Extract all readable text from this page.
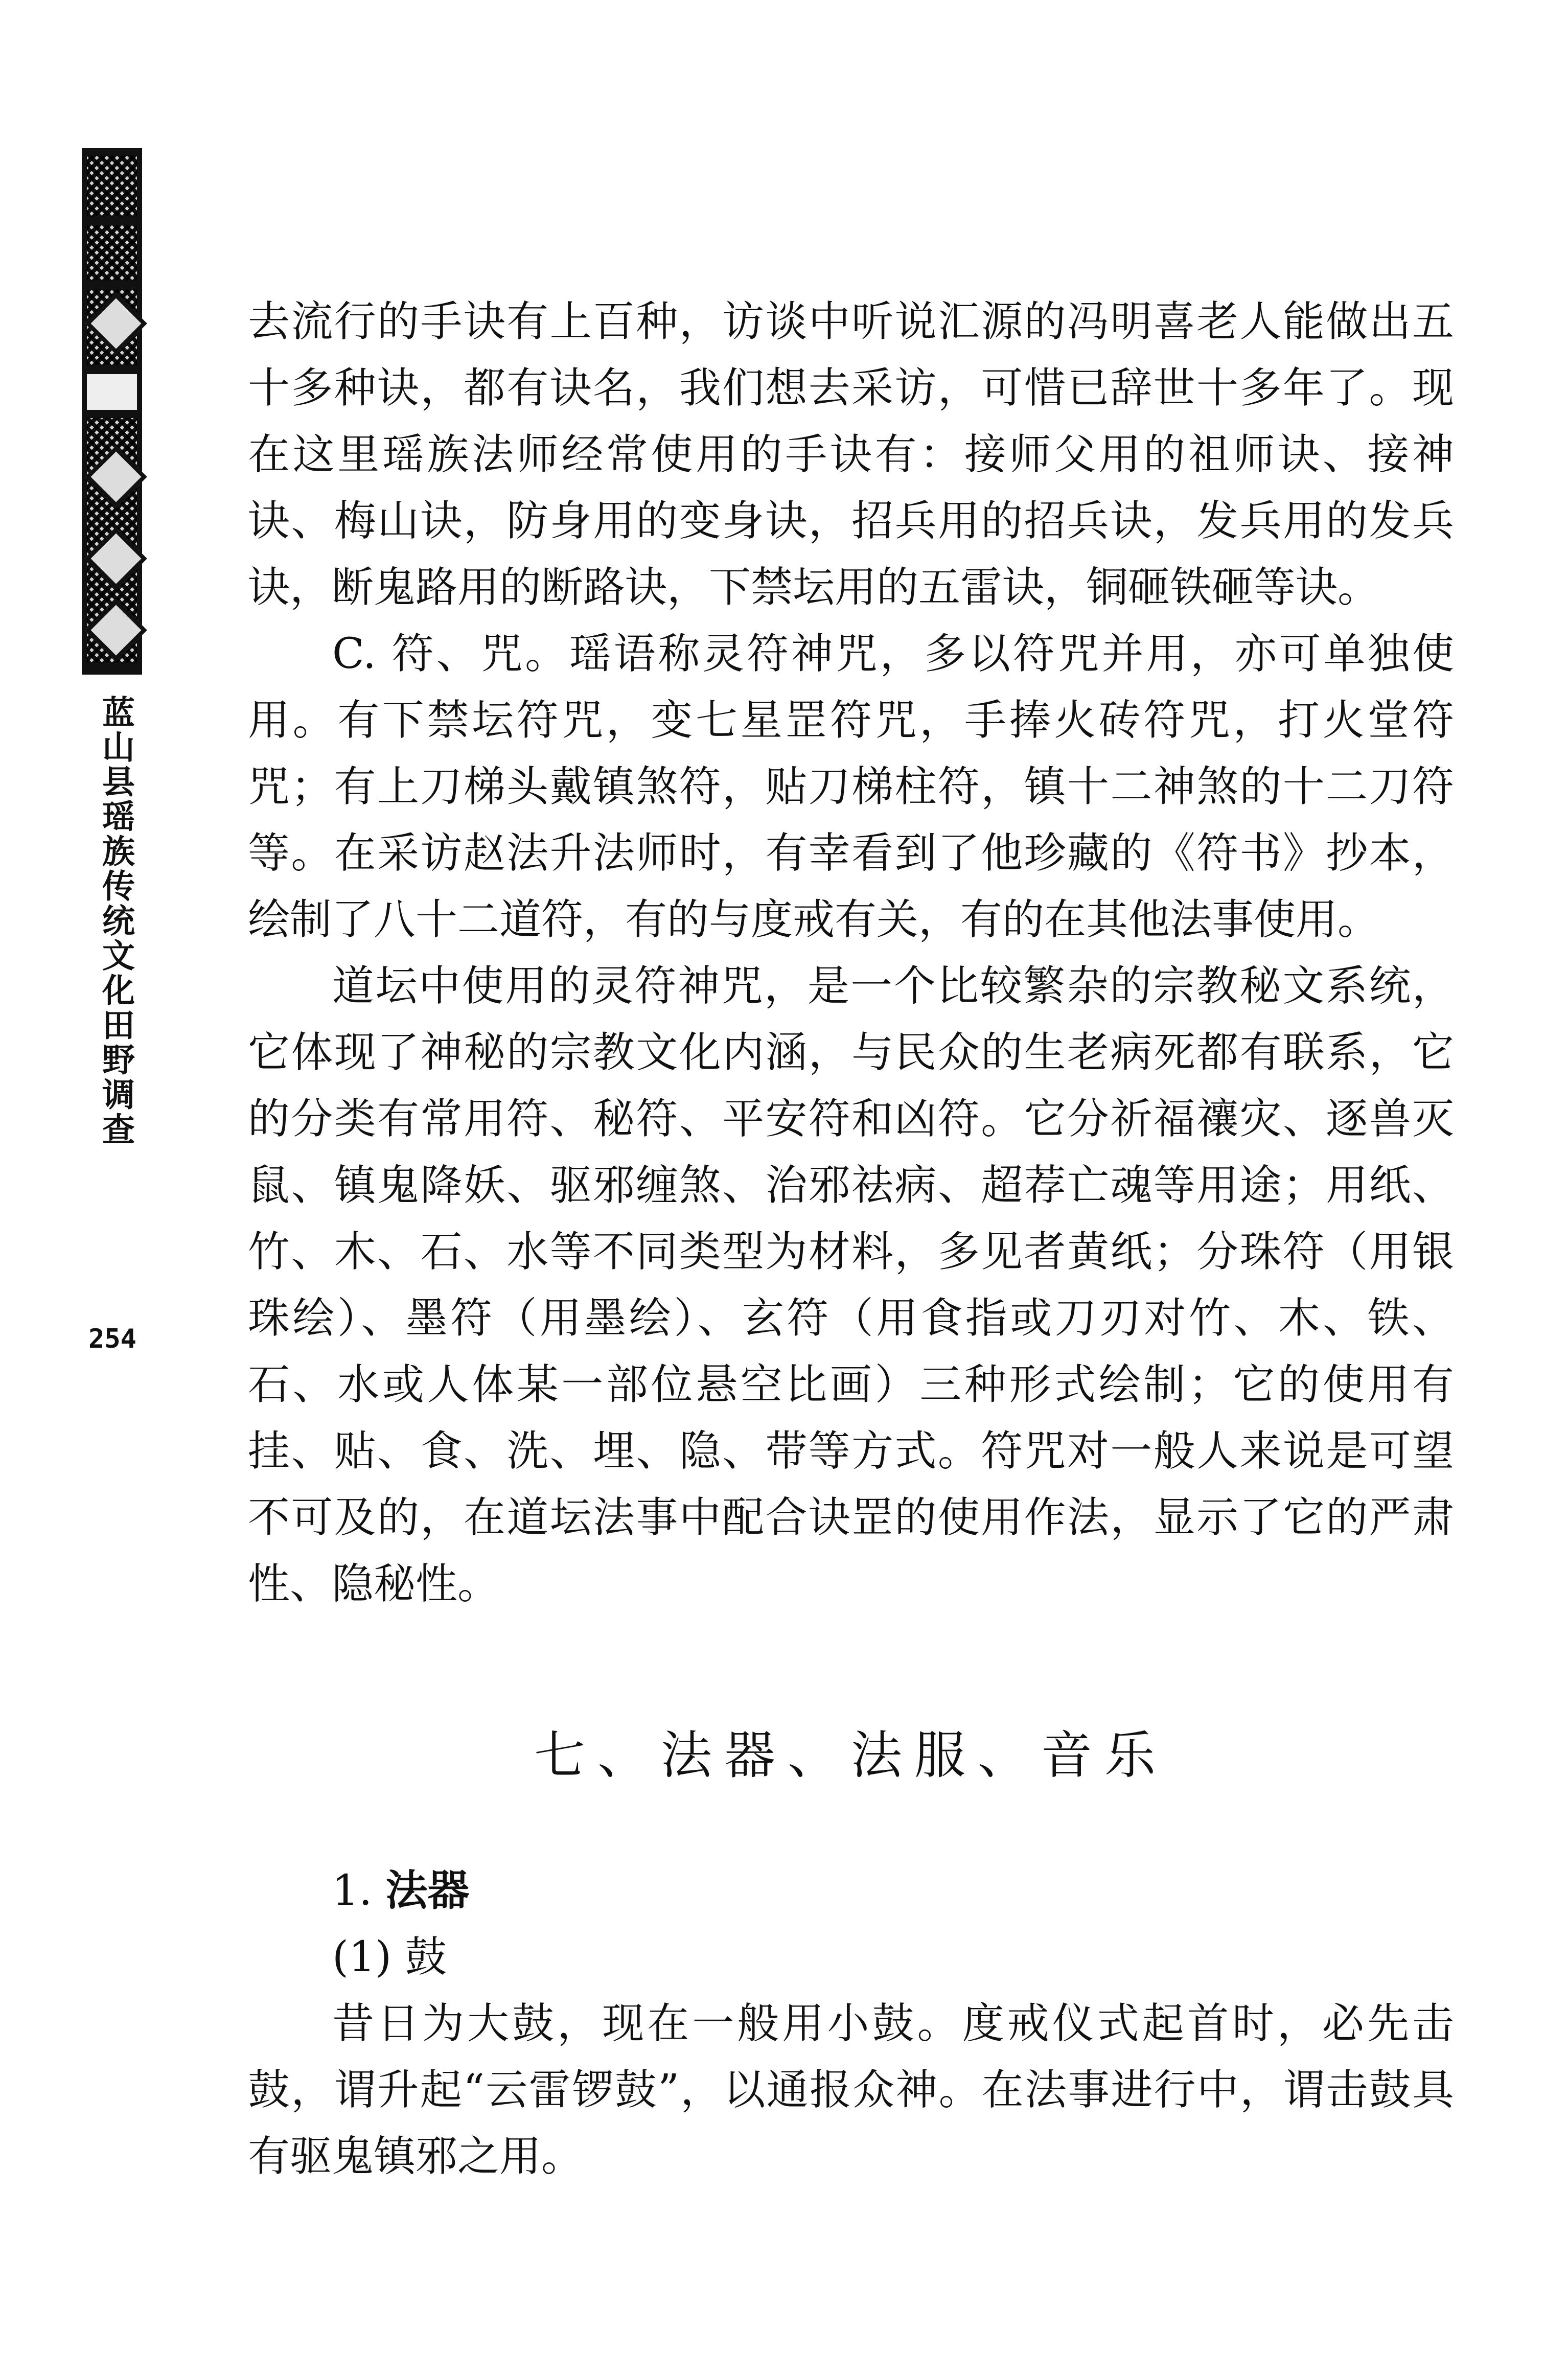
蓝山县瑶族传统文化田野调查
254

去流行的手诀有上百种，访谈中听说汇源的冯明喜老人能做出五十多种诀，都有诀名，我们想去采访，可惜已辞世十多年了。现在这里瑶族法师经常使用的手诀有：接师父用的祖师诀、接神诀、梅山诀，防身用的变身诀，招兵用的招兵诀，发兵用的发兵诀，断鬼路用的断路诀，下禁坛用的五雷诀，铜砸铁砸等诀。

C. 符、咒。瑶语称灵符神咒，多以符咒并用，亦可单独使用。有下禁坛符咒，变七星罡符咒，手捧火砖符咒，打火堂符咒；有上刀梯头戴镇煞符，贴刀梯柱符，镇十二神煞的十二刀符等。在采访赵法升法师时，有幸看到了他珍藏的《符书》抄本，绘制了八十二道符，有的与度戒有关，有的在其他法事使用。

道坛中使用的灵符神咒，是一个比较繁杂的宗教秘文系统，它体现了神秘的宗教文化内涵，与民众的生老病死都有联系，它的分类有常用符、秘符、平安符和凶符。它分祈福禳灾、逐兽灭鼠、镇鬼降妖、驱邪缠煞、治邪祛病、超荐亡魂等用途；用纸、竹、木、石、水等不同类型为材料，多见者黄纸；分珠符（用银珠绘）、墨符（用墨绘）、玄符（用食指或刀刃对竹、木、铁、石、水或人体某一部位悬空比画）三种形式绘制；它的使用有挂、贴、食、洗、埋、隐、带等方式。符咒对一般人来说是可望不可及的，在道坛法事中配合诀罡的使用作法，显示了它的严肃性、隐秘性。

七、法器、法服、音乐
1. 法器
(1) 鼓

昔日为大鼓，现在一般用小鼓。度戒仪式起首时，必先击鼓，谓升起“云雷锣鼓”，以通报众神。在法事进行中，谓击鼓具有驱鬼镇邪之用。
